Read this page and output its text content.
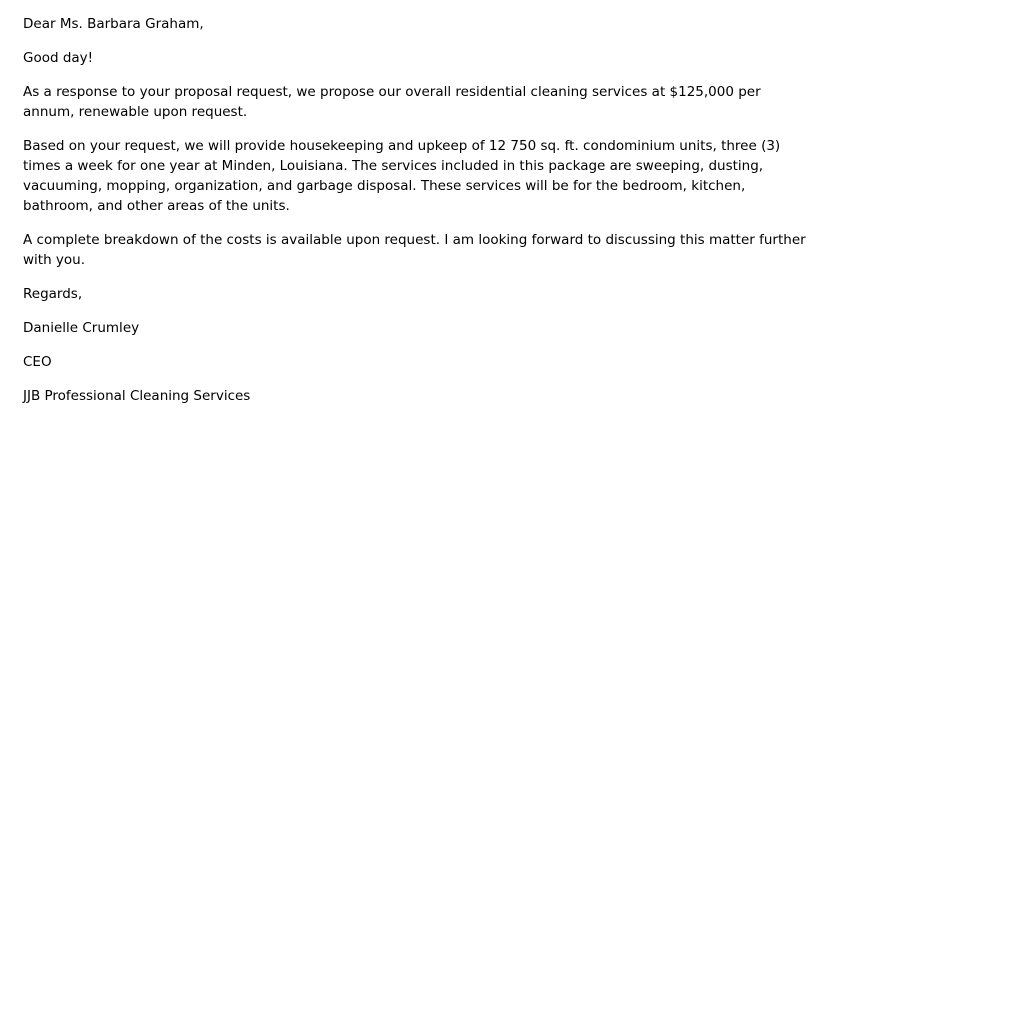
Dear Ms. Barbara Graham,

Good day!

As a response to your proposal request, we propose our overall residential cleaning services at $125,000 per
annum, renewable upon request.

Based on your request, we will provide housekeeping and upkeep of 12 750 sq. ft. condominium units, three (3)
times a week for one year at Minden, Louisiana. The services included in this package are sweeping, dusting,
vacuuming, mopping, organization, and garbage disposal. These services will be for the bedroom, kitchen,
bathroom, and other areas of the units.

A complete breakdown of the costs is available upon request. I am looking forward to discussing this matter further
with you.

Regards,

Danielle Crumley

CEO

JJB Professional Cleaning Services
